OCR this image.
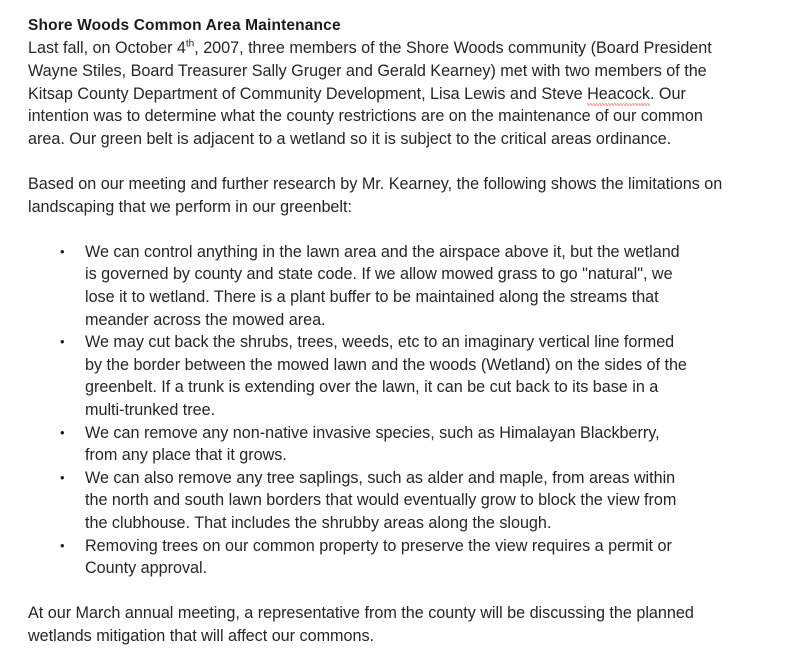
Shore Woods Common Area Maintenance

Last fall, on October 4th, 2007, three members of the Shore Woods community (Board President Wayne Stiles, Board Treasurer Sally Gruger and Gerald Kearney) met with two members of the Kitsap County Department of Community Development, Lisa Lewis and Steve Heacock. Our intention was to determine what the county restrictions are on the maintenance of our common area. Our green belt is adjacent to a wetland so it is subject to the critical areas ordinance.

Based on our meeting and further research by Mr. Kearney, the following shows the limitations on landscaping that we perform in our greenbelt:

• We can control anything in the lawn area and the airspace above it, but the wetland is governed by county and state code. If we allow mowed grass to go "natural", we lose it to wetland. There is a plant buffer to be maintained along the streams that meander across the mowed area.
• We may cut back the shrubs, trees, weeds, etc to an imaginary vertical line formed by the border between the mowed lawn and the woods (Wetland) on the sides of the greenbelt. If a trunk is extending over the lawn, it can be cut back to its base in a multi-trunked tree.
• We can remove any non-native invasive species, such as Himalayan Blackberry, from any place that it grows.
• We can also remove any tree saplings, such as alder and maple, from areas within the north and south lawn borders that would eventually grow to block the view from the clubhouse. That includes the shrubby areas along the slough.
• Removing trees on our common property to preserve the view requires a permit or County approval.

At our March annual meeting, a representative from the county will be discussing the planned wetlands mitigation that will affect our commons.
